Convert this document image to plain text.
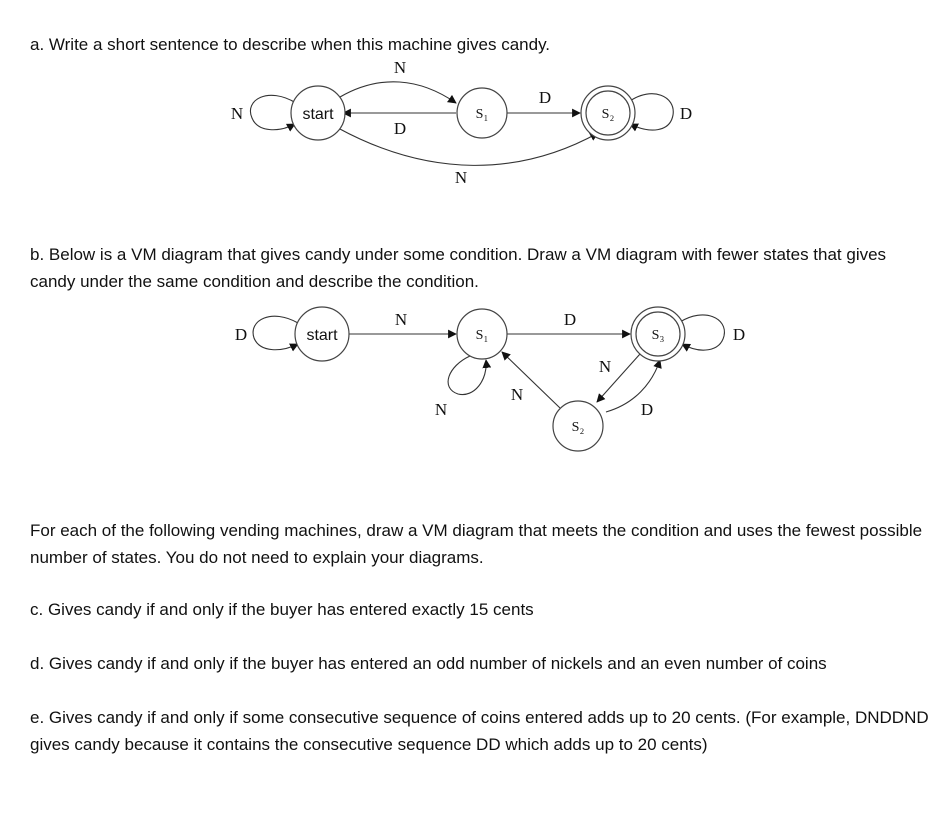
a. Write a short sentence to describe when this machine gives candy.

start	S₁	S₂
N
N
D
D
N
D

b. Below is a VM diagram that gives candy under some condition. Draw a VM diagram with fewer states that gives candy under the same condition and describe the condition.

start	S₁
S₂
S₃
D
N
N
D
N
N
D
D

For each of the following vending machines, draw a VM diagram that meets the condition and uses the fewest possible number of states. You do not need to explain your diagrams.

c. Gives candy if and only if the buyer has entered exactly 15 cents

d. Gives candy if and only if the buyer has entered an odd number of nickels and an even number of coins

e. Gives candy if and only if some consecutive sequence of coins entered adds up to 20 cents. (For example, DNDDND gives candy because it contains the consecutive sequence DD which adds up to 20 cents)
